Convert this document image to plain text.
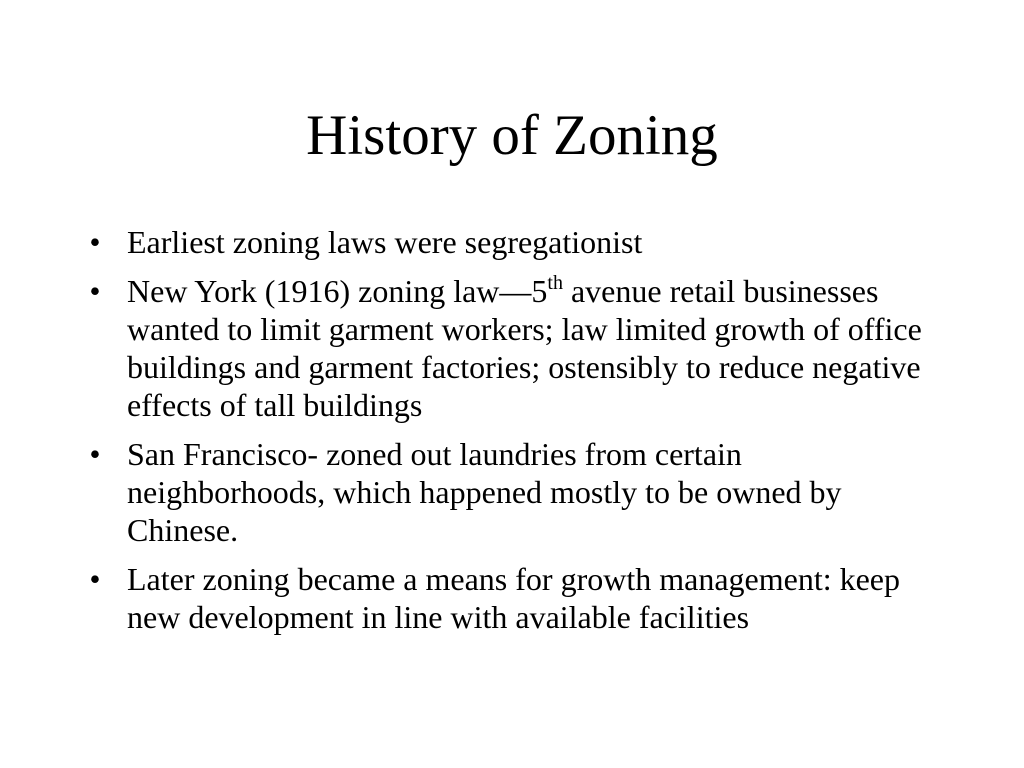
History of Zoning
• Earliest zoning laws were segregationist
• New York (1916) zoning law—5th avenue retail businesses wanted to limit garment workers; law limited growth of office buildings and garment factories; ostensibly to reduce negative effects of tall buildings
• San Francisco- zoned out laundries from certain neighborhoods, which happened mostly to be owned by Chinese.
• Later zoning became a means for growth management: keep new development in line with available facilities
